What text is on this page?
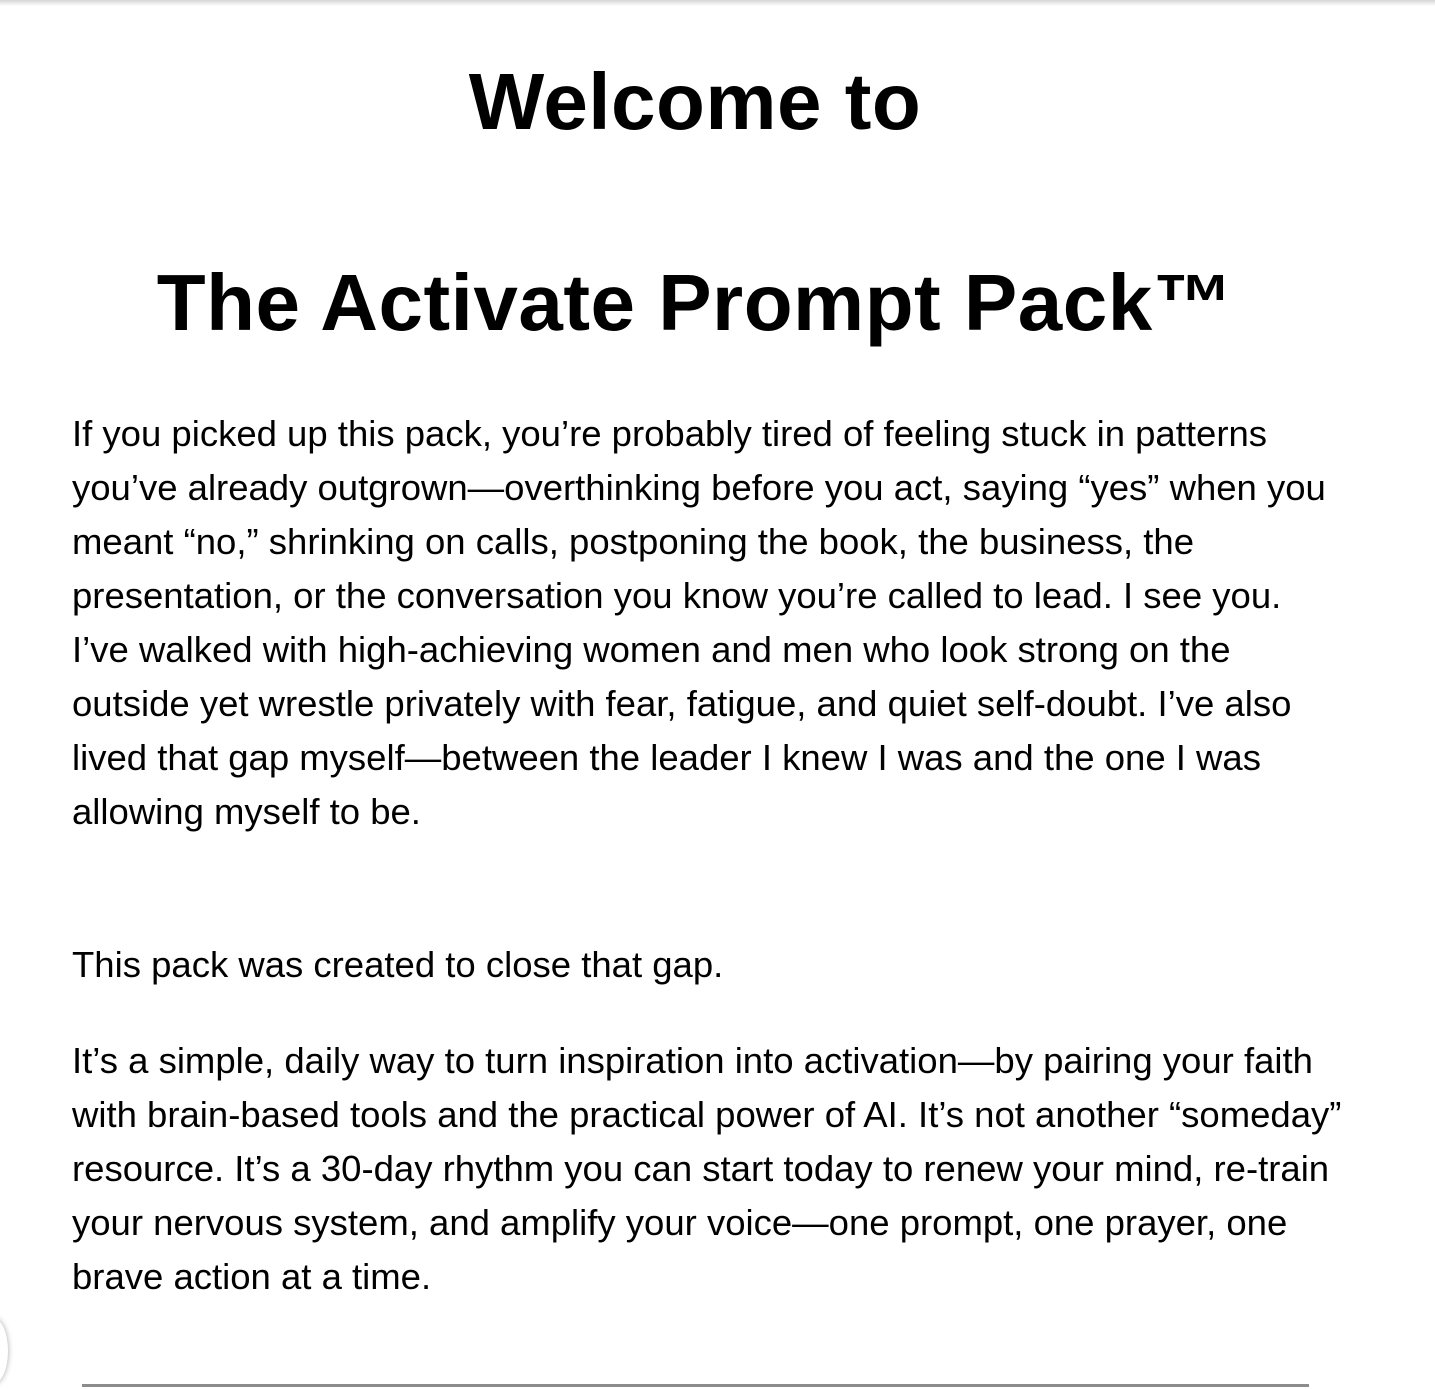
Welcome to
The Activate Prompt Pack™

If you picked up this pack, you’re probably tired of feeling stuck in patterns you’ve already outgrown—overthinking before you act, saying “yes” when you meant “no,” shrinking on calls, postponing the book, the business, the presentation, or the conversation you know you’re called to lead. I see you. I’ve walked with high-achieving women and men who look strong on the outside yet wrestle privately with fear, fatigue, and quiet self-doubt. I’ve also lived that gap myself—between the leader I knew I was and the one I was allowing myself to be.

This pack was created to close that gap.

It’s a simple, daily way to turn inspiration into activation—by pairing your faith with brain-based tools and the practical power of AI. It’s not another “someday” resource. It’s a 30-day rhythm you can start today to renew your mind, re-train your nervous system, and amplify your voice—one prompt, one prayer, one brave action at a time.
